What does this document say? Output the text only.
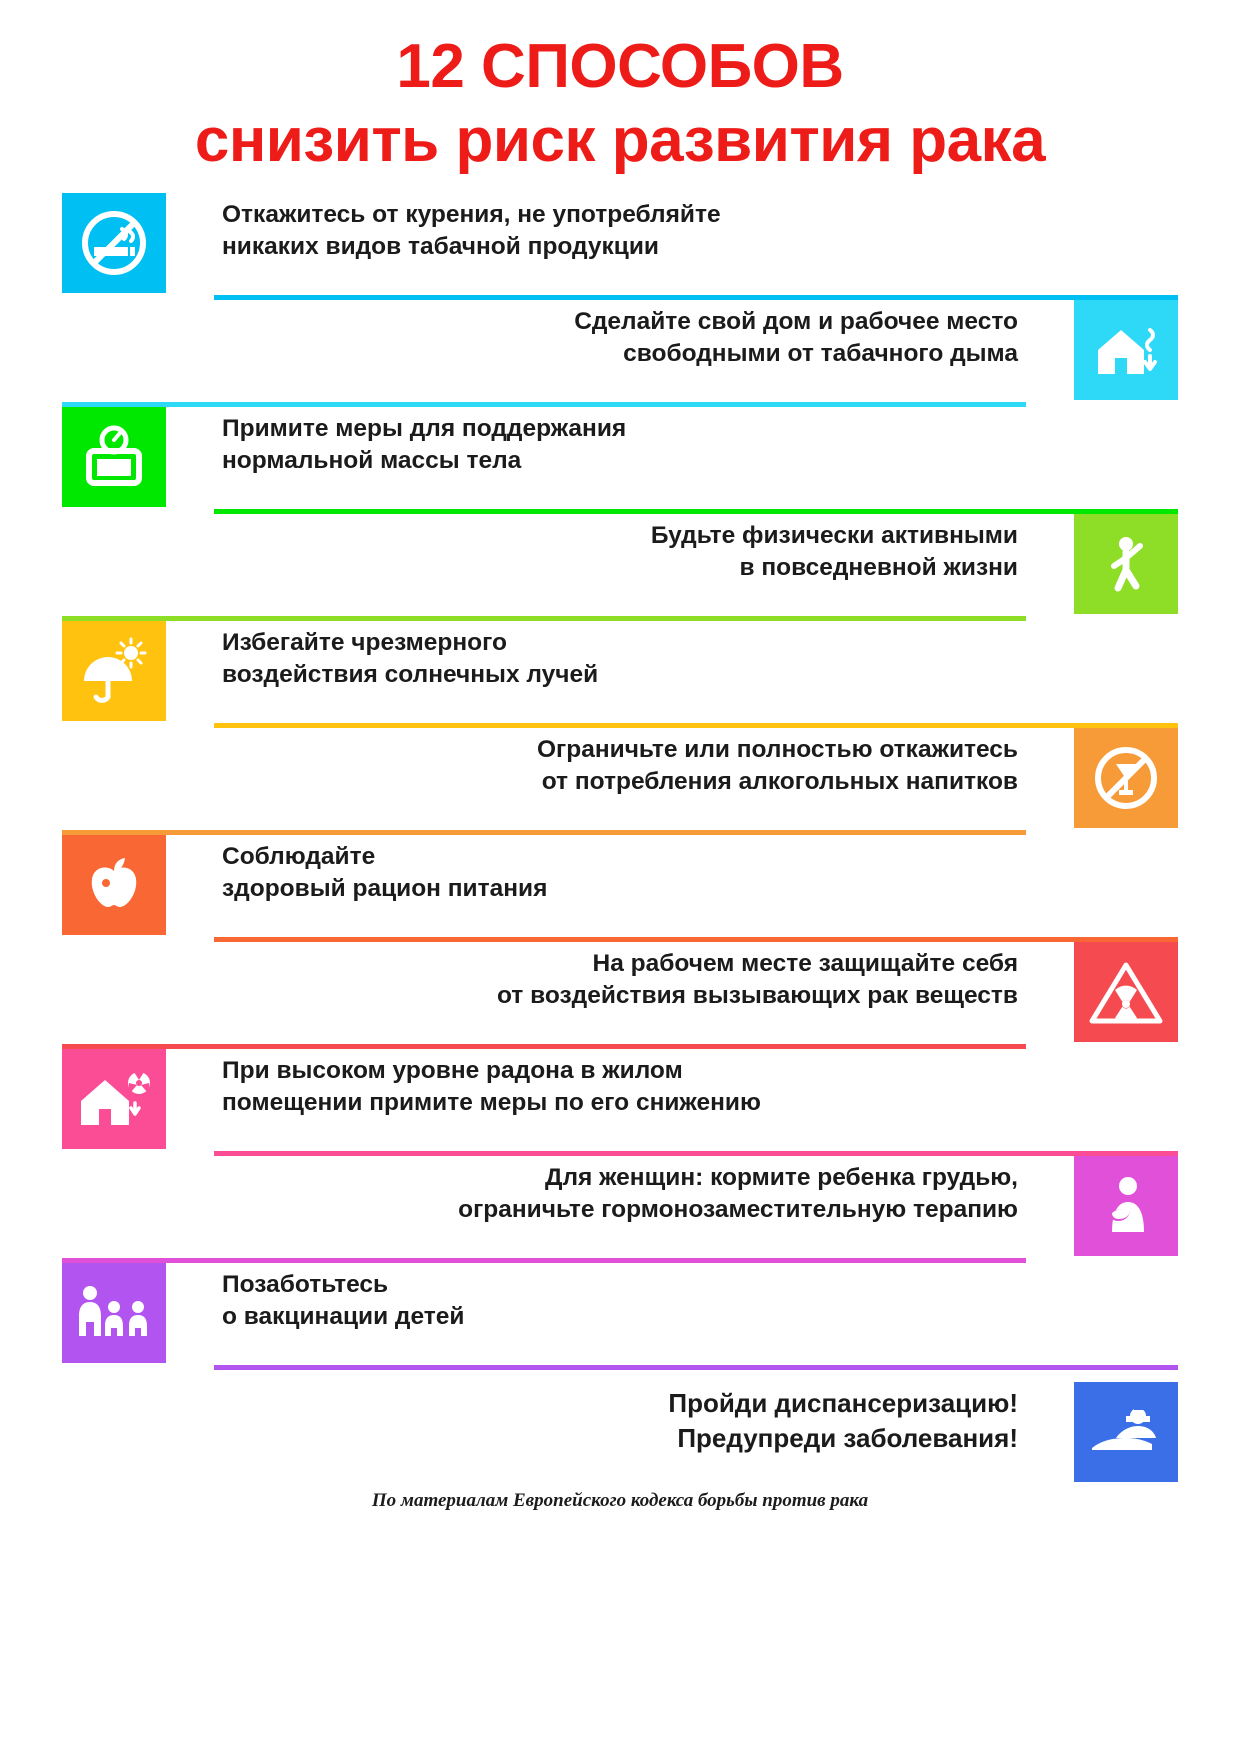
12 СПОСОБОВ
снизить риск развития рака
Откажитесь от курения, не употребляйте
никаких видов табачной продукции
Сделайте свой дом и рабочее место
свободными от табачного дыма
Примите меры для поддержания
нормальной массы тела
Будьте физически активными
в повседневной жизни
Избегайте чрезмерного
воздействия солнечных лучей
Ограничьте или полностью откажитесь
от потребления алкогольных напитков
Соблюдайте
здоровый рацион питания
На рабочем месте защищайте себя
от воздействия вызывающих рак веществ
При высоком уровне радона в жилом
помещении примите меры по его снижению
Для женщин: кормите ребенка грудью,
ограничьте гормонозаместительную терапию
Позаботьтесь
о вакцинации детей
Пройди диспансеризацию!
Предупреди заболевания!
По материалам Европейского кодекса борьбы против рака
